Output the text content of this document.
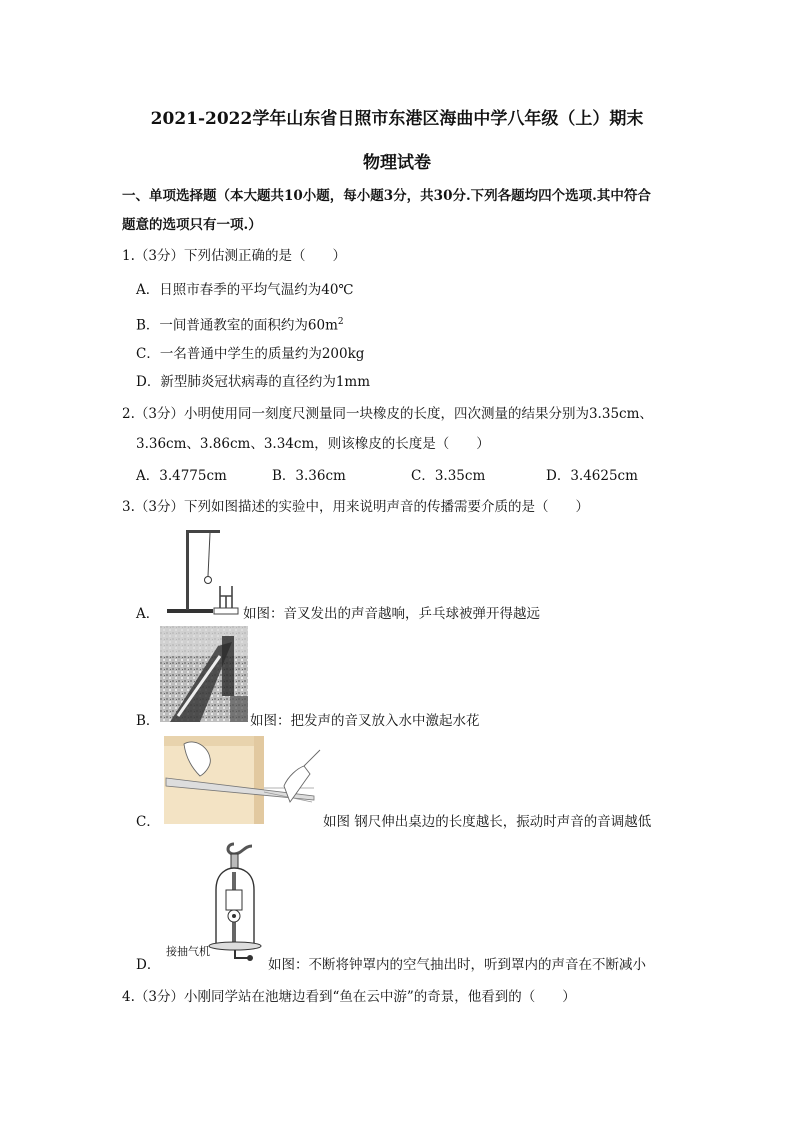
2021-2022学年山东省日照市东港区海曲中学八年级（上）期末
物理试卷
一、单项选择题（本大题共10小题，每小题3分，共30分.下列各题均四个选项.其中符合
题意的选项只有一项.）
1.（3分）下列估测正确的是（　　）
A．日照市春季的平均气温约为40℃
B．一间普通教室的面积约为$60m^2$
C．一名普通中学生的质量约为200kg
D．新型肺炎冠状病毒的直径约为1mm
2.（3分）小明使用同一刻度尺测量同一块橡皮的长度，四次测量的结果分别为3.35cm、
3.36cm、3.86cm、3.34cm，则该橡皮的长度是（　　）
A．3.4775cm	B．3.36cm	C．3.35cm	D．3.4625cm
3.（3分）下列如图描述的实验中，用来说明声音的传播需要介质的是（　　）
A．	如图：音叉发出的声音越响，乒乓球被弹开得越远
B．	如图：把发声的音叉放入水中激起水花
C．	如图 钢尺伸出桌边的长度越长，振动时声音的音调越低
接抽气机
D．	如图：不断将钟罩内的空气抽出时，听到罩内的声音在不断减小
4.（3分）小刚同学站在池塘边看到“鱼在云中游”的奇景，他看到的（　　）
